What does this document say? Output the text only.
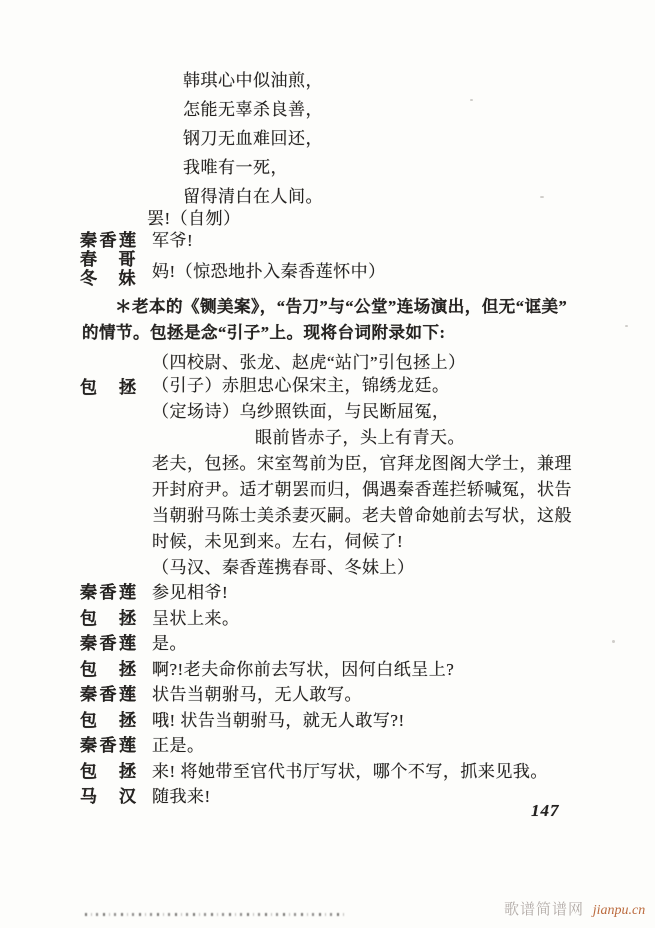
韩琪心中似油煎，
怎能无辜杀良善，
钢刀无血难回还，
我唯有一死，
留得清白在人间。
罢!（自刎）
秦香莲 军爷!
春哥
冬妹 妈!（惊恐地扑入秦香莲怀中）
＊老本的《铡美案》，“告刀”与“公堂”连场演出，但无“诓美”
的情节。包拯是念“引子”上。现将台词附录如下:
（四校尉、张龙、赵虎“站门”引包拯上）
包拯 （引子）赤胆忠心保宋主，锦绣龙廷。
（定场诗）乌纱照铁面，与民断屈冤，
眼前皆赤子，头上有青天。
老夫，包拯。宋室驾前为臣，官拜龙图阁大学士，兼理
开封府尹。适才朝罢而归，偶遇秦香莲拦轿喊冤，状告
当朝驸马陈士美杀妻灭嗣。老夫曾命她前去写状，这般
时候，未见到来。左右，伺候了!
（马汉、秦香莲携春哥、冬妹上）
秦香莲 参见相爷!
包拯 呈状上来。
秦香莲 是。
包拯 啊?!老夫命你前去写状，因何白纸呈上?
秦香莲 状告当朝驸马，无人敢写。
包拯 哦! 状告当朝驸马，就无人敢写?!
秦香莲 正是。
包拯 来! 将她带至官代书厅写状，哪个不写，抓来见我。
马汉 随我来!
147
歌谱简谱网 jianpu.cn
